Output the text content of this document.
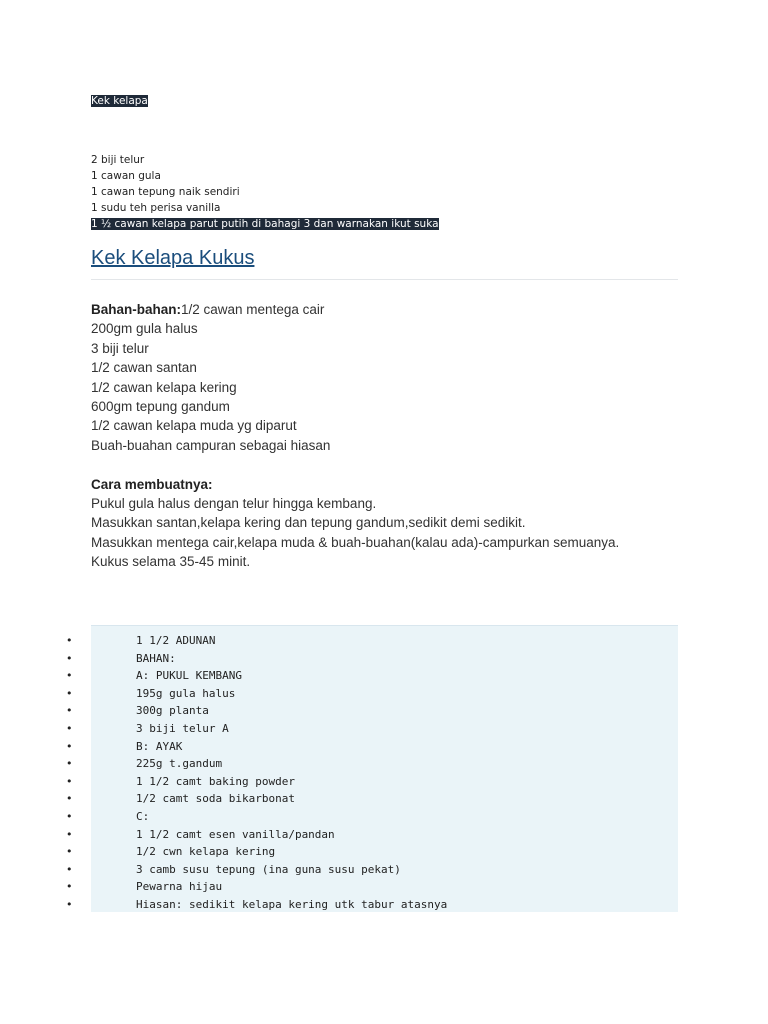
Kek kelapa
2 biji telur
1 cawan gula
1 cawan tepung naik sendiri
1 sudu teh perisa vanilla
1 ½ cawan kelapa parut putih di bahagi 3 dan warnakan ikut suka
Kek Kelapa Kukus
Bahan-bahan:1/2 cawan mentega cair
200gm gula halus
3 biji telur
1/2 cawan santan
1/2 cawan kelapa kering
600gm tepung gandum
1/2 cawan kelapa muda yg diparut
Buah-buahan campuran sebagai hiasan
Cara membuatnya:
Pukul gula halus dengan telur hingga kembang.
Masukkan santan,kelapa kering dan tepung gandum,sedikit demi sedikit.
Masukkan mentega cair,kelapa muda & buah-buahan(kalau ada)-campurkan semuanya.
Kukus selama 35-45 minit.
•	1 1/2 ADUNAN
•	BAHAN:
•	A: PUKUL KEMBANG
•	195g gula halus
•	300g planta
•	3 biji telur A
•	B: AYAK
•	225g t.gandum
•	1 1/2 camt baking powder
•	1/2 camt soda bikarbonat
•	C:
•	1 1/2 camt esen vanilla/pandan
•	1/2 cwn kelapa kering
•	3 camb susu tepung (ina guna susu pekat)
•	Pewarna hijau
•	Hiasan: sedikit kelapa kering utk tabur atasnya
